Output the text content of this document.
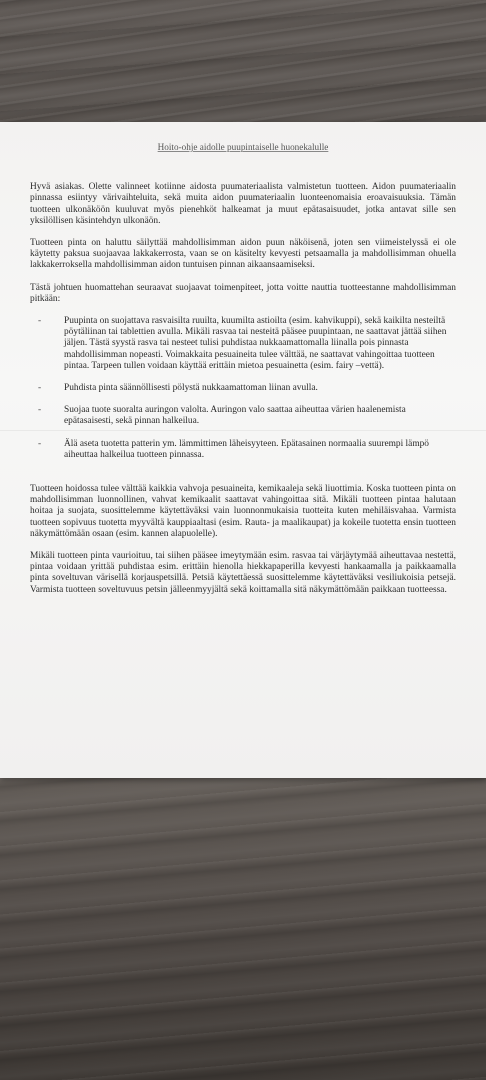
Hoito-ohje aidolle puupintaiselle huonekalulle

Hyvä asiakas. Olette valinneet kotiinne aidosta puumateriaalista valmistetun tuotteen. Aidon puumateriaalin pinnassa esiintyy värivaihteluita, sekä muita aidon puumateriaalin luonteenomaisia eroavaisuuksia. Tämän tuotteen ulkonäköön kuuluvat myös pienehköt halkeamat ja muut epätasaisuudet, jotka antavat sille sen yksilöllisen käsintehdyn ulkonäön.

Tuotteen pinta on haluttu säilyttää mahdollisimman aidon puun näköisenä, joten sen viimeistelyssä ei ole käytetty paksua suojaavaa lakkakerrosta, vaan se on käsitelty kevyesti petsaamalla ja mahdollisimman ohuella lakkakerroksella mahdollisimman aidon tuntuisen pinnan aikaansaamiseksi.

Tästä johtuen huomattehan seuraavat suojaavat toimenpiteet, jotta voitte nauttia tuotteestanne mahdollisimman pitkään:

- Puupinta on suojattava rasvaisilta ruuilta, kuumilta astioilta (esim. kahvikuppi), sekä kaikilta nesteiltä pöytäliinan tai tablettien avulla. Mikäli rasvaa tai nesteitä pääsee puupintaan, ne saattavat jättää siihen jäljen. Tästä syystä rasva tai nesteet tulisi puhdistaa nukkaamattomalla liinalla pois pinnasta mahdollisimman nopeasti. Voimakkaita pesuaineita tulee välttää, ne saattavat vahingoittaa tuotteen pintaa. Tarpeen tullen voidaan käyttää erittäin mietoa pesuainetta (esim. fairy –vettä).
- Puhdista pinta säännöllisesti pölystä nukkaamattoman liinan avulla.
- Suojaa tuote suoralta auringon valolta. Auringon valo saattaa aiheuttaa värien haalenemista epätasaisesti, sekä pinnan halkeilua.
- Älä aseta tuotetta patterin ym. lämmittimen läheisyyteen. Epätasainen normaalia suurempi lämpö aiheuttaa halkeilua tuotteen pinnassa.

Tuotteen hoidossa tulee välttää kaikkia vahvoja pesuaineita, kemikaaleja sekä liuottimia. Koska tuotteen pinta on mahdollisimman luonnollinen, vahvat kemikaalit saattavat vahingoittaa sitä. Mikäli tuotteen pintaa halutaan hoitaa ja suojata, suosittelemme käytettäväksi vain luonnonmukaisia tuotteita kuten mehiläisvahaa. Varmista tuotteen sopivuus tuotetta myyvältä kauppiaaltasi (esim. Rauta- ja maalikaupat) ja kokeile tuotetta ensin tuotteen näkymättömään osaan (esim. kannen alapuolelle).

Mikäli tuotteen pinta vaurioituu, tai siihen pääsee imeytymään esim. rasvaa tai värjäytymää aiheuttavaa nestettä, pintaa voidaan yrittää puhdistaa esim. erittäin hienolla hiekkapaperilla kevyesti hankaamalla ja paikkaamalla pinta soveltuvan värisellä korjauspetsillä. Petsiä käytettäessä suosittelemme käytettäväksi vesiliukoisia petsejä. Varmista tuotteen soveltuvuus petsin jälleenmyyjältä sekä koittamalla sitä näkymättömään paikkaan tuotteessa.
